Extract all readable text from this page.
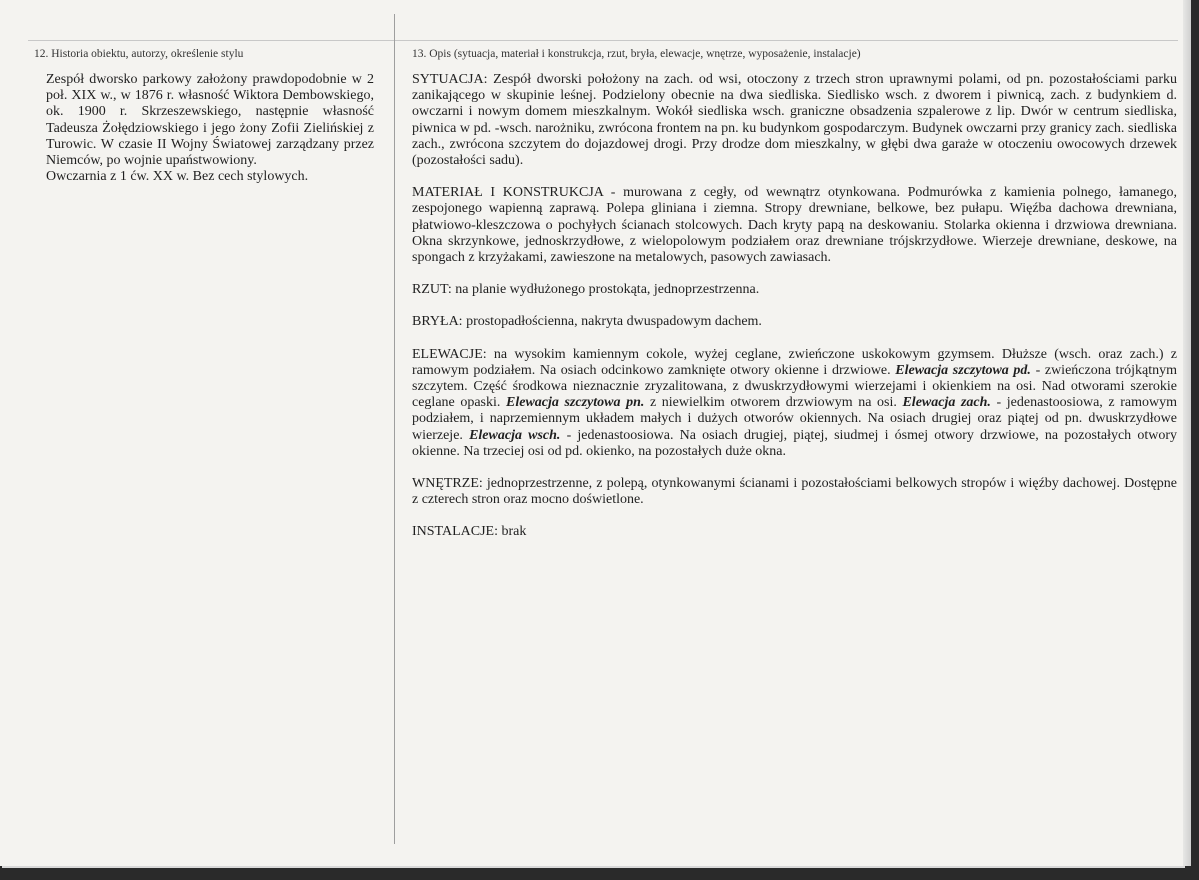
12. Historia obiektu, autorzy, określenie stylu

Zespół dworsko parkowy założony prawdopodobnie w 2 poł. XIX w., w 1876 r. własność Wiktora Dembowskiego, ok. 1900 r. Skrzeszewskiego, następnie własność Tadeusza Żołędziowskiego i jego żony Zofii Zielińskiej z Turowic. W czasie II Wojny Światowej zarządzany przez Niemców, po wojnie upaństwowiony.

Owczarnia z 1 ćw. XX w. Bez cech stylowych.

13. Opis (sytuacja, materiał i konstrukcja, rzut, bryła, elewacje, wnętrze, wyposażenie, instalacje)

SYTUACJA: Zespół dworski położony na zach. od wsi, otoczony z trzech stron uprawnymi polami, od pn. pozostałościami parku zanikającego w skupinie leśnej. Podzielony obecnie na dwa siedliska. Siedlisko wsch. z dworem i piwnicą, zach. z budynkiem d. owczarni i nowym domem mieszkalnym. Wokół siedliska wsch. graniczne obsadzenia szpalerowe z lip. Dwór w centrum siedliska, piwnica w pd. -wsch. narożniku, zwrócona frontem na pn. ku budynkom gospodarczym. Budynek owczarni przy granicy zach. siedliska zach., zwrócona szczytem do dojazdowej drogi. Przy drodze dom mieszkalny, w głębi dwa garaże w otoczeniu owocowych drzewek (pozostałości sadu).

MATERIAŁ I KONSTRUKCJA - murowana z cegły, od wewnątrz otynkowana. Podmurówka z kamienia polnego, łamanego, zespojonego wapienną zaprawą. Polepa gliniana i ziemna. Stropy drewniane, belkowe, bez pułapu. Więźba dachowa drewniana, płatwiowo-kleszczowa o pochyłych ścianach stolcowych. Dach kryty papą na deskowaniu. Stolarka okienna i drzwiowa drewniana. Okna skrzynkowe, jednoskrzydłowe, z wielopolowym podziałem oraz drewniane trójskrzydłowe. Wierzeje drewniane, deskowe, na spongach z krzyżakami, zawieszone na metalowych, pasowych zawiasach.

RZUT: na planie wydłużonego prostokąta, jednoprzestrzenna.

BRYŁA: prostopadłościenna, nakryta dwuspadowym dachem.

ELEWACJE: na wysokim kamiennym cokole, wyżej ceglane, zwieńczone uskokowym gzymsem. Dłuższe (wsch. oraz zach.) z ramowym podziałem. Na osiach odcinkowo zamknięte otwory okienne i drzwiowe. Elewacja szczytowa pd. - zwieńczona trójkątnym szczytem. Część środkowa nieznacznie zryzalitowana, z dwuskrzydłowymi wierzejami i okienkiem na osi. Nad otworami szerokie ceglane opaski. Elewacja szczytowa pn. z niewielkim otworem drzwiowym na osi. Elewacja zach. - jedenastoosiowa, z ramowym podziałem, i naprzemiennym układem małych i dużych otworów okiennych. Na osiach drugiej oraz piątej od pn. dwuskrzydłowe wierzeje. Elewacja wsch. - jedenastoosiowa. Na osiach drugiej, piątej, siudmej i ósmej otwory drzwiowe, na pozostałych otwory okienne. Na trzeciej osi od pd. okienko, na pozostałych duże okna.

WNĘTRZE: jednoprzestrzenne, z polepą, otynkowanymi ścianami i pozostałościami belkowych stropów i więźby dachowej. Dostępne z czterech stron oraz mocno doświetlone.

INSTALACJE: brak
